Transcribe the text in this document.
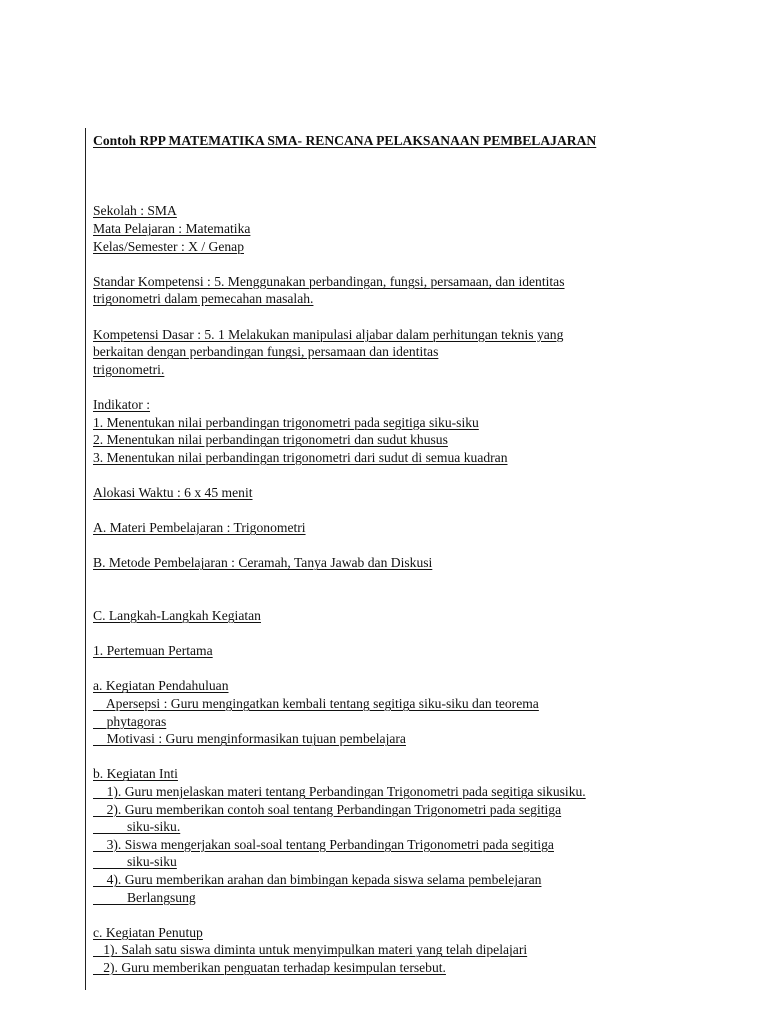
Contoh RPP MATEMATIKA SMA- RENCANA PELAKSANAAN PEMBELAJARAN
Sekolah : SMA
Mata Pelajaran : Matematika
Kelas/Semester : X / Genap
Standar Kompetensi : 5. Menggunakan perbandingan, fungsi, persamaan, dan identitas
trigonometri dalam pemecahan masalah.
Kompetensi Dasar : 5. 1 Melakukan manipulasi aljabar dalam perhitungan teknis yang
berkaitan dengan perbandingan fungsi, persamaan dan identitas
trigonometri.
Indikator :
1. Menentukan nilai perbandingan trigonometri pada segitiga siku-siku
2. Menentukan nilai perbandingan trigonometri dan sudut khusus
3. Menentukan nilai perbandingan trigonometri dari sudut di semua kuadran
Alokasi Waktu : 6 x 45 menit
A. Materi Pembelajaran : Trigonometri
B. Metode Pembelajaran : Ceramah, Tanya Jawab dan Diskusi
C. Langkah-Langkah Kegiatan
1. Pertemuan Pertama
a. Kegiatan Pendahuluan
Apersepsi : Guru mengingatkan kembali tentang segitiga siku-siku dan teorema
phytagoras
Motivasi : Guru menginformasikan tujuan pembelajara
b. Kegiatan Inti
1). Guru menjelaskan materi tentang Perbandingan Trigonometri pada segitiga sikusiku.
2). Guru memberikan contoh soal tentang Perbandingan Trigonometri pada segitiga
siku-siku.
3). Siswa mengerjakan soal-soal tentang Perbandingan Trigonometri pada segitiga
siku-siku
4). Guru memberikan arahan dan bimbingan kepada siswa selama pembelejaran
Berlangsung
c. Kegiatan Penutup
1). Salah satu siswa diminta untuk menyimpulkan materi yang telah dipelajari
2). Guru memberikan penguatan terhadap kesimpulan tersebut.
